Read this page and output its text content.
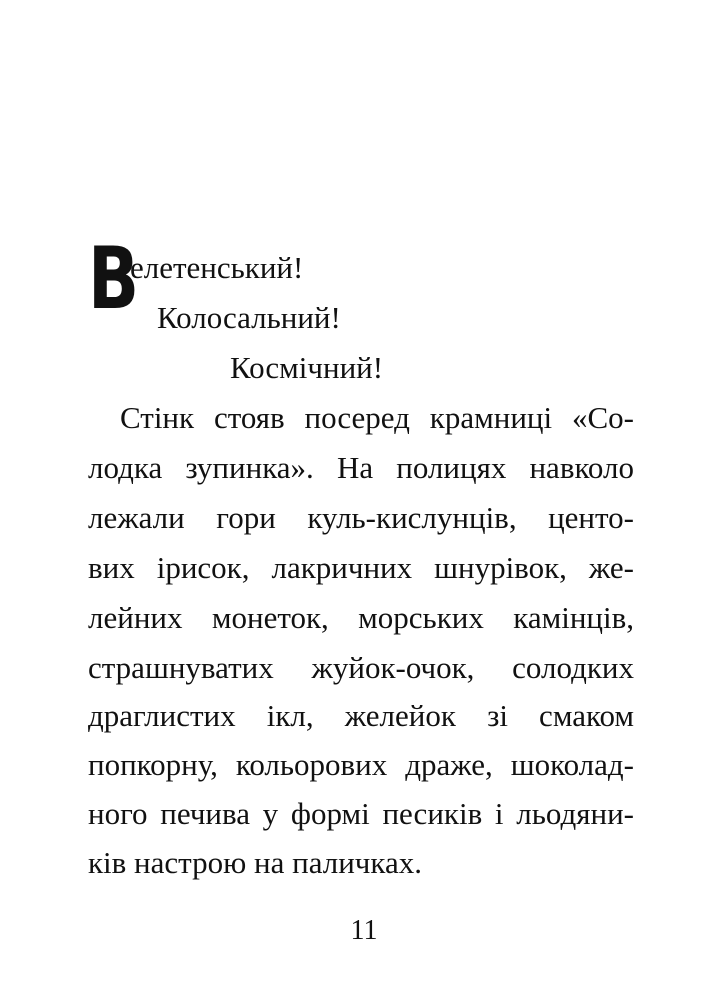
В
елетенський!
Колосальний!
Космічний!
Стінк стояв посеред крамниці «Со-
лодка зупинка». На полицях навколо
лежали гори куль-кислунців, центо-
вих ірисок, лакричних шнурівок, же-
лейних монеток, морських камінців,
страшнуватих жуйок-очок, солодких
драглистих ікл, желейок зі смаком
попкорну, кольорових драже, шоколад-
ного печива у формі песиків і льодяни-
ків настрою на паличках.
11
